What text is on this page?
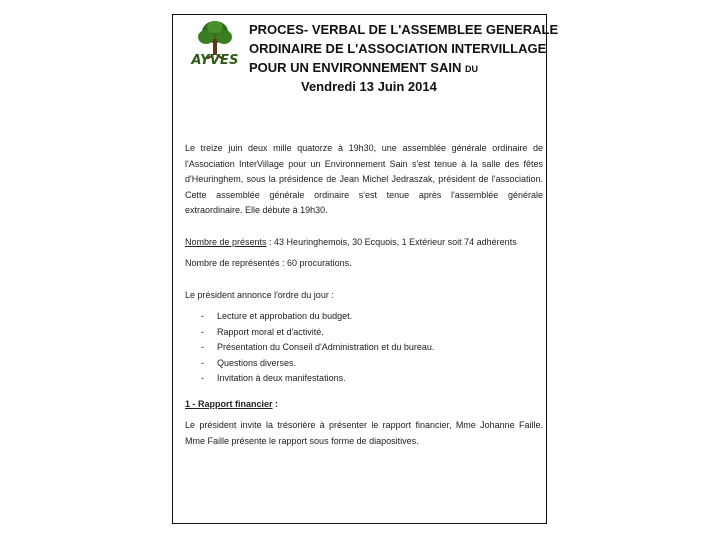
AYVES
PROCES- VERBAL DE L'ASSEMBLEE GENERALE
ORDINAIRE DE L'ASSOCIATION INTERVILLAGE
POUR UN ENVIRONNEMENT SAIN du
Vendredi 13 Juin 2014

Le treize juin deux mille quatorze à 19h30, une assemblée générale ordinaire de l'Association InterVillage pour un Environnement Sain s'est tenue à la salle des fêtes d'Heuringhem, sous la présidence de Jean Michel Jedraszak, président de l'association. Cette assemblée générale ordinaire s'est tenue après l'assemblée générale extraordinaire. Elle débute à 19h30.

Nombre de présents : 43 Heuringhemois, 30 Ecquois, 1 Extérieur soit 74 adhérents

Nombre de représentés : 60 procurations.

Le président annonce l'ordre du jour :

- Lecture et approbation du budget.
- Rapport moral et d'activité.
- Présentation du Conseil d'Administration et du bureau.
- Questions diverses.
- Invitation à deux manifestations.

1 - Rapport financier :

Le président invite la trésorière à présenter le rapport financier, Mme Johanne Faille. Mme Faille présente le rapport sous forme de diapositives.
